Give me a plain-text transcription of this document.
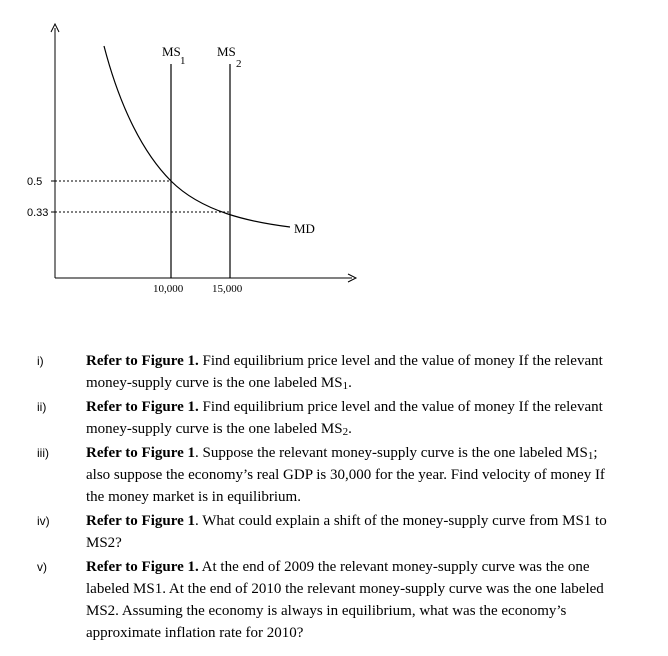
0.5
0.33
10,000	15,000
MS
1
MS
2
MD
i)	Refer to Figure 1. Find equilibrium price level and the value of money If the relevant money-supply curve is the one labeled $MS_1$.
ii)	Refer to Figure 1. Find equilibrium price level and the value of money If the relevant money-supply curve is the one labeled $MS_2$.
iii) Refer to Figure 1. Suppose the relevant money-supply curve is the one labeled $MS_1$; also suppose the economy’s real GDP is 30,000 for the year. Find velocity of money If the money market is in equilibrium.
iv) Refer to Figure 1. What could explain a shift of the money-supply curve from MS1 to MS2?
v)	Refer to Figure 1. At the end of 2009 the relevant money-supply curve was the one labeled MS1. At the end of 2010 the relevant money-supply curve was the one labeled MS2. Assuming the economy is always in equilibrium, what was the economy’s approximate inflation rate for 2010?
